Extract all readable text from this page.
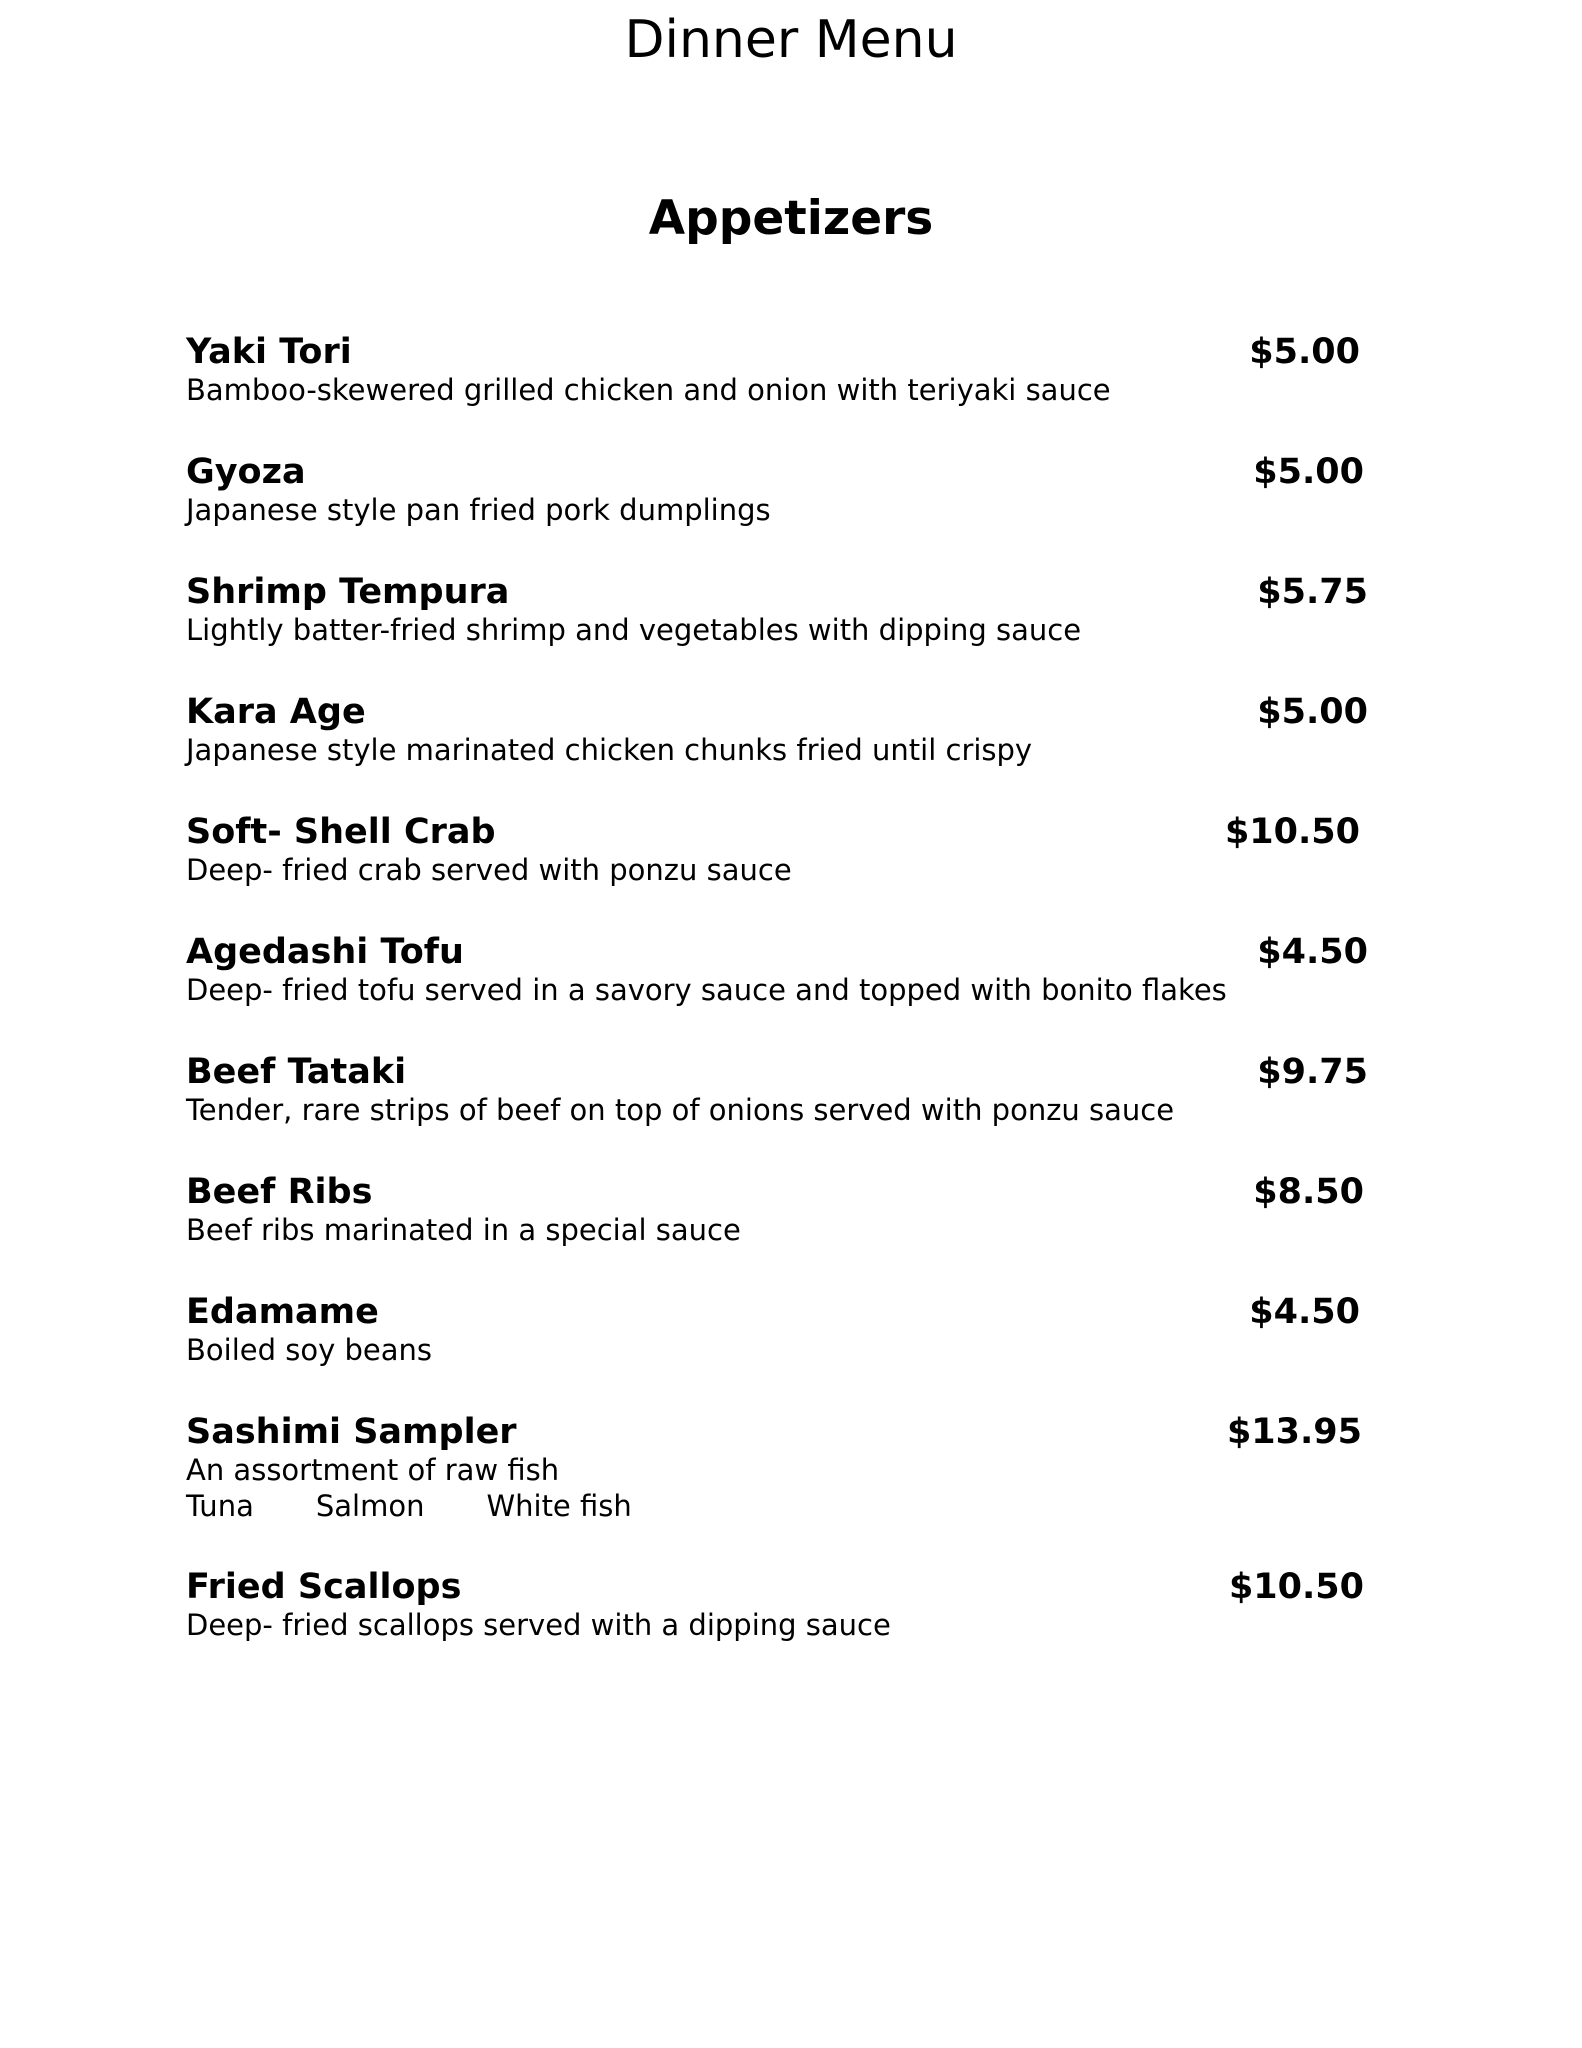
Dinner Menu
Appetizers
Yaki Tori	$5.00
Bamboo-skewered grilled chicken and onion with teriyaki sauce
Gyoza	$5.00
Japanese style pan fried pork dumplings
Shrimp Tempura	$5.75
Lightly batter-fried shrimp and vegetables with dipping sauce
Kara Age	$5.00
Japanese style marinated chicken chunks fried until crispy
Soft- Shell Crab	$10.50
Deep- fried crab served with ponzu sauce
Agedashi Tofu	$4.50
Deep- fried tofu served in a savory sauce and topped with bonito flakes
Beef Tataki	$9.75
Tender, rare strips of beef on top of onions served with ponzu sauce
Beef Ribs	$8.50
Beef ribs marinated in a special sauce
Edamame	$4.50
Boiled soy beans
Sashimi Sampler	$13.95
An assortment of raw fish
Tuna Salmon White fish
Fried Scallops	$10.50
Deep- fried scallops served with a dipping sauce
